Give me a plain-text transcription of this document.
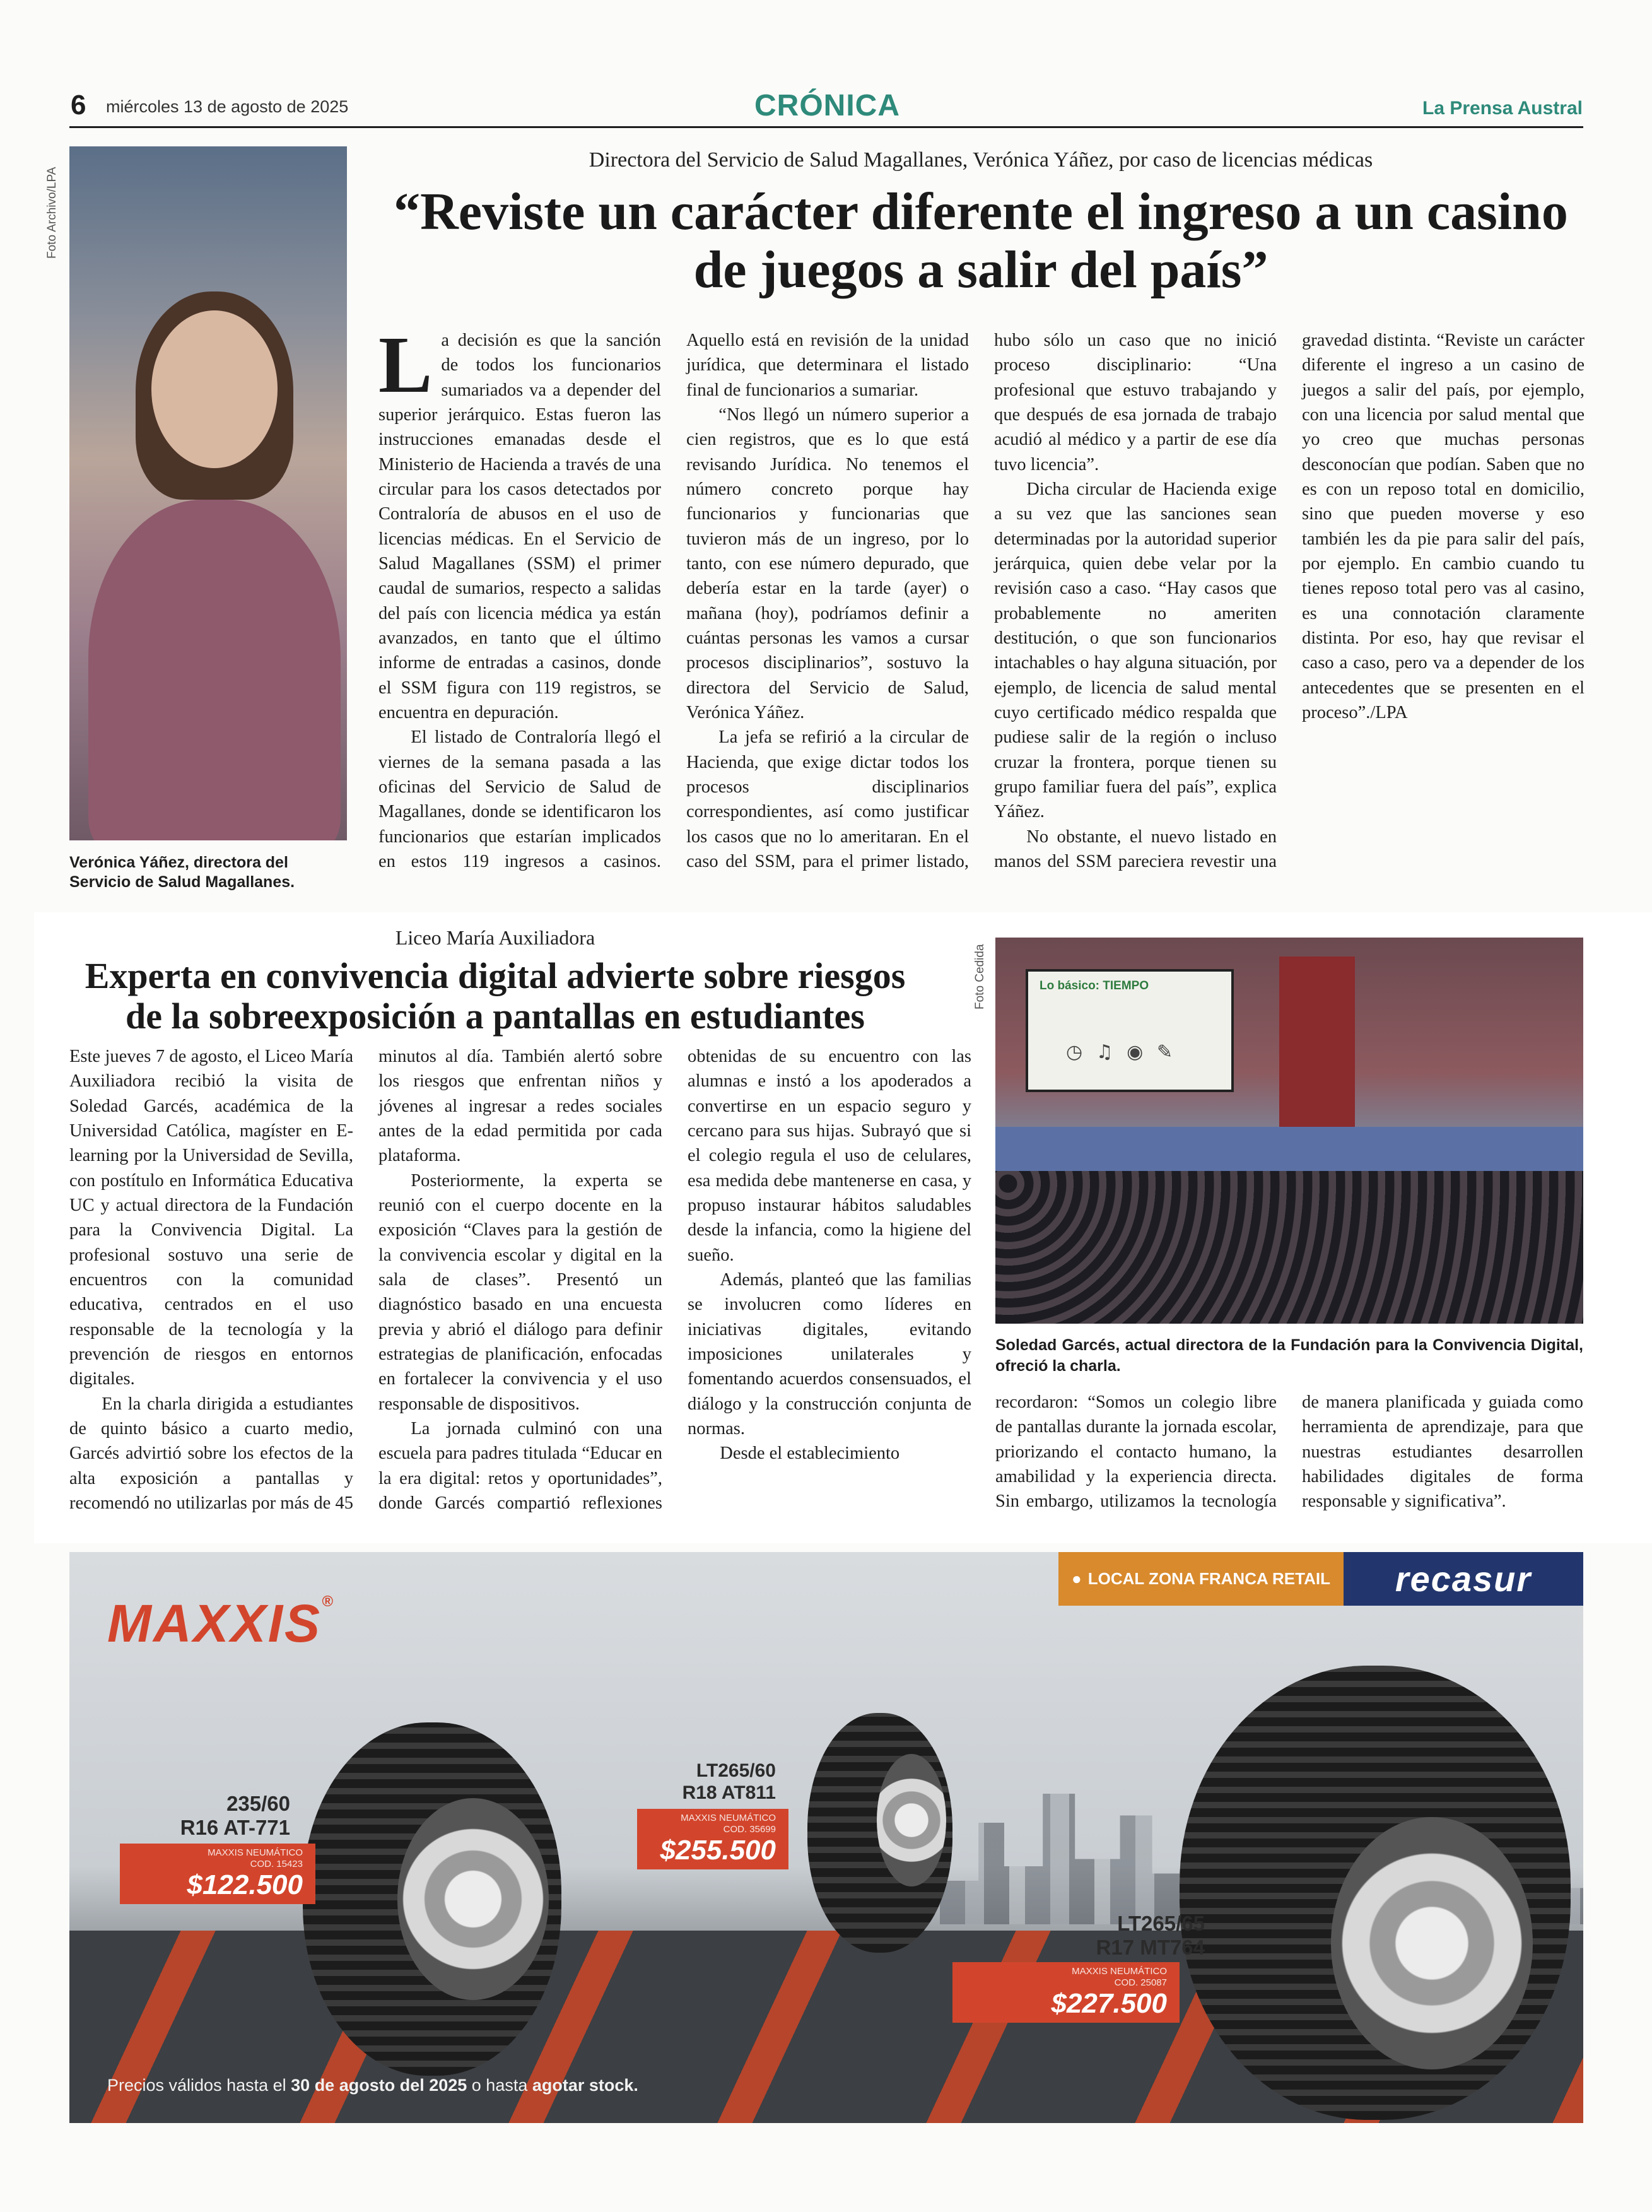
6 miércoles 13 de agosto de 2025	CRÓNICA	La Prensa Austral
Foto Archivo/LPA
Verónica Yáñez, directora del Servicio de Salud Magallanes.
Directora del Servicio de Salud Magallanes, Verónica Yáñez, por caso de licencias médicas
“Reviste un carácter diferente el ingreso a un casino de juegos a salir del país”

La decisión es que la sanción de todos los funcionarios sumariados va a depender del superior jerárquico. Estas fueron las instrucciones emanadas desde el Ministerio de Hacienda a través de una circular para los casos detectados por Contraloría de abusos en el uso de licencias médicas. En el Servicio de Salud Magallanes (SSM) el primer caudal de sumarios, respecto a salidas del país con licencia médica ya están avanzados, en tanto que el último informe de entradas a casinos, donde el SSM figura con 119 registros, se encuentra en depuración.

El listado de Contraloría llegó el viernes de la semana pasada a las oficinas del Servicio de Salud de Magallanes, donde se identificaron los funcionarios que estarían implicados en estos 119 ingresos a casinos. Aquello está en revisión de la unidad jurídica, que determinara el listado final de funcionarios a sumariar.

“Nos llegó un número superior a cien registros, que es lo que está revisando Jurídica. No tenemos el número concreto porque hay funcionarios y funcionarias que tuvieron más de un ingreso, por lo tanto, con ese número depurado, que debería estar en la tarde (ayer) o mañana (hoy), podríamos definir a cuántas personas les vamos a cursar procesos disciplinarios”, sostuvo la directora del Servicio de Salud, Verónica Yáñez.

La jefa se refirió a la circular de Hacienda, que exige dictar todos los procesos disciplinarios correspondientes, así como justificar los casos que no lo ameritaran. En el caso del SSM, para el primer listado, hubo sólo un caso que no inició proceso disciplinario: “Una profesional que estuvo trabajando y que después de esa jornada de trabajo acudió al médico y a partir de ese día tuvo licencia”.

Dicha circular de Hacienda exige a su vez que las sanciones sean determinadas por la autoridad superior jerárquica, quien debe velar por la revisión caso a caso. “Hay casos que probablemente no ameriten destitución, o que son funcionarios intachables o hay alguna situación, por ejemplo, de licencia de salud mental cuyo certificado médico respalda que pudiese salir de la región o incluso cruzar la frontera, porque tienen su grupo familiar fuera del país”, explica Yáñez.

No obstante, el nuevo listado en manos del SSM pareciera revestir una gravedad distinta. “Reviste un carácter diferente el ingreso a un casino de juegos a salir del país, por ejemplo, con una licencia por salud mental que yo creo que muchas personas desconocían que podían. Saben que no es con un reposo total en domicilio, sino que pueden moverse y eso también les da pie para salir del país, por ejemplo. En cambio cuando tu tienes reposo total pero vas al casino, es una connotación claramente distinta. Por eso, hay que revisar el caso a caso, pero va a depender de los antecedentes que se presenten en el proceso”./LPA

Liceo María Auxiliadora
Experta en convivencia digital advierte sobre riesgos de la sobreexposición a pantallas en estudiantes

Este jueves 7 de agosto, el Liceo María Auxiliadora recibió la visita de Soledad Garcés, académica de la Universidad Católica, magíster en E-learning por la Universidad de Sevilla, con postítulo en Informática Educativa UC y actual directora de la Fundación para la Convivencia Digital. La profesional sostuvo una serie de encuentros con la comunidad educativa, centrados en el uso responsable de la tecnología y la prevención de riesgos en entornos digitales.

En la charla dirigida a estudiantes de quinto básico a cuarto medio, Garcés advirtió sobre los efectos de la alta exposición a pantallas y recomendó no utilizarlas por más de 45 minutos al día. También alertó sobre los riesgos que enfrentan niños y jóvenes al ingresar a redes sociales antes de la edad permitida por cada plataforma.

Posteriormente, la experta se reunió con el cuerpo docente en la exposición “Claves para la gestión de la convivencia escolar y digital en la sala de clases”. Presentó un diagnóstico basado en una encuesta previa y abrió el diálogo para definir estrategias de planificación, enfocadas en fortalecer la convivencia y el uso responsable de dispositivos.

La jornada culminó con una escuela para padres titulada “Educar en la era digital: retos y oportunidades”, donde Garcés compartió reflexiones obtenidas de su encuentro con las alumnas e instó a los apoderados a convertirse en un espacio seguro y cercano para sus hijas. Subrayó que si el colegio regula el uso de celulares, esa medida debe mantenerse en casa, y propuso instaurar hábitos saludables desde la infancia, como la higiene del sueño.

Además, planteó que las familias se involucren como líderes en iniciativas digitales, evitando imposiciones unilaterales y fomentando acuerdos consensuados, el diálogo y la construcción conjunta de normas.

Desde el establecimiento

recordaron: “Somos un colegio libre de pantallas durante la jornada escolar, priorizando el contacto humano, la amabilidad y la experiencia directa. Sin embargo, utilizamos la tecnología de manera planificada y guiada como herramienta de aprendizaje, para que nuestras estudiantes desarrollen habilidades digitales de forma responsable y significativa”.

Foto Cedida	Lo básico: TIEMPO
◷ ♫ ◉ ✎
Soledad Garcés, actual directora de la Fundación para la Convivencia Digital, ofreció la charla.
MAXXIS®
● LOCAL ZONA FRANCA RETAIL	recasur
235/60
R16 AT-771
MAXXIS NEUMÁTICO
COD. 15423
$122.500
LT265/60
R18 AT811
MAXXIS NEUMÁTICO
COD. 35699
$255.500
LT265/65
R17 MT764
MAXXIS NEUMÁTICO
COD. 25087
$227.500
Precios válidos hasta el 30 de agosto del 2025 o hasta agotar stock.
